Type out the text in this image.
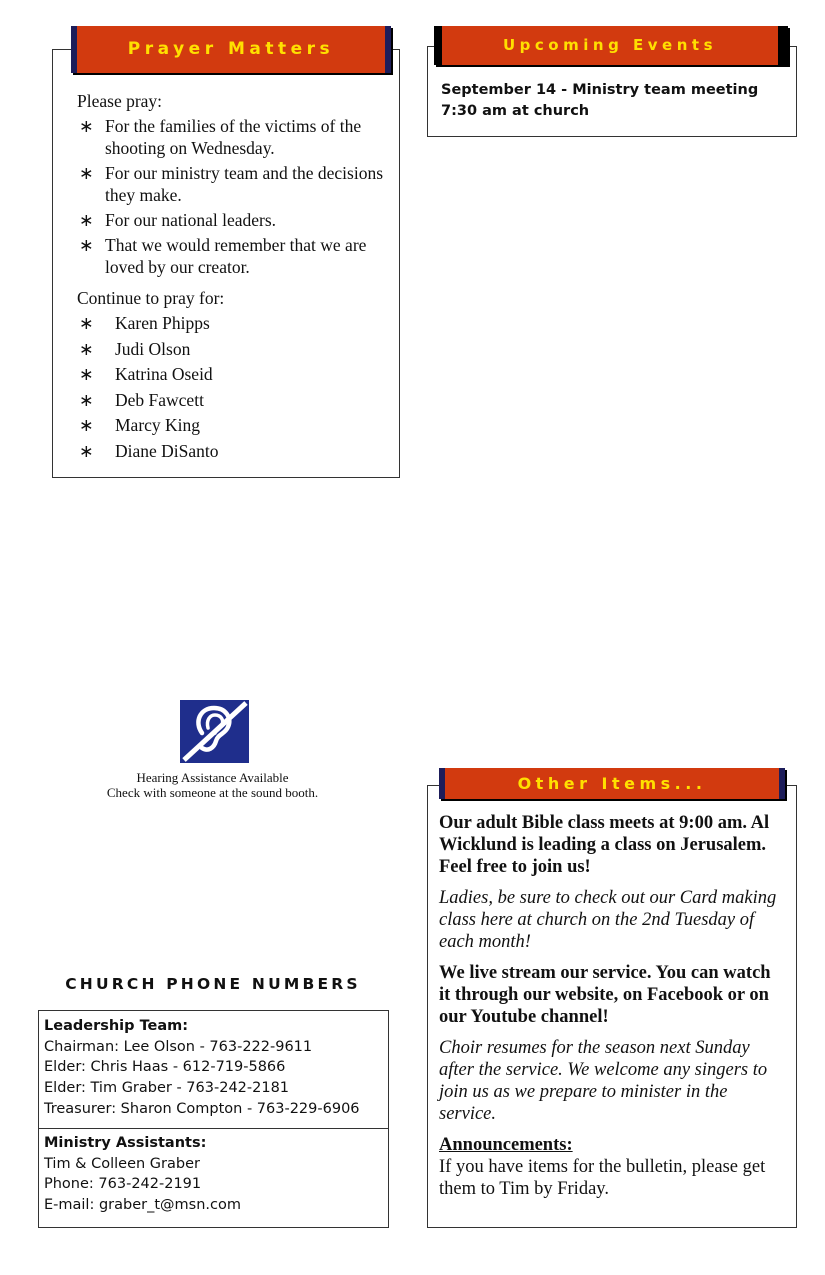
Please pray:
∗ For the families of the victims of the shooting on Wednesday.
∗ For our ministry team and the decisions they make.
∗ For our national leaders.
∗ That we would remember that we are loved by our creator.
Continue to pray for:
∗ Karen Phipps
∗ Judi Olson
∗ Katrina Oseid
∗ Deb Fawcett
∗ Marcy King
∗ Diane DiSanto
Prayer Matters
September 14 - Ministry team meeting
7:30 am at church
Upcoming Events
Hearing Assistance Available
Check with someone at the sound booth.
CHURCH PHONE NUMBERS
Leadership Team:
Chairman: Lee Olson - 763-222-9611
Elder: Chris Haas - 612-719-5866
Elder: Tim Graber - 763-242-2181
Treasurer: Sharon Compton - 763-229-6906
Ministry Assistants:
Tim & Colleen Graber
Phone: 763-242-2191
E-mail: graber_t@msn.com
Our adult Bible class meets at 9:00 am. Al Wicklund is leading a class on Jerusalem. Feel free to join us!
Ladies, be sure to check out our Card making class here at church on the 2nd Tuesday of each month!
We live stream our service. You can watch it through our website, on Facebook or on our Youtube channel!
Choir resumes for the season next Sunday after the service. We welcome any singers to join us as we prepare to minister in the service.
Announcements:
If you have items for the bulletin, please get them to Tim by Friday.
Other Items...
